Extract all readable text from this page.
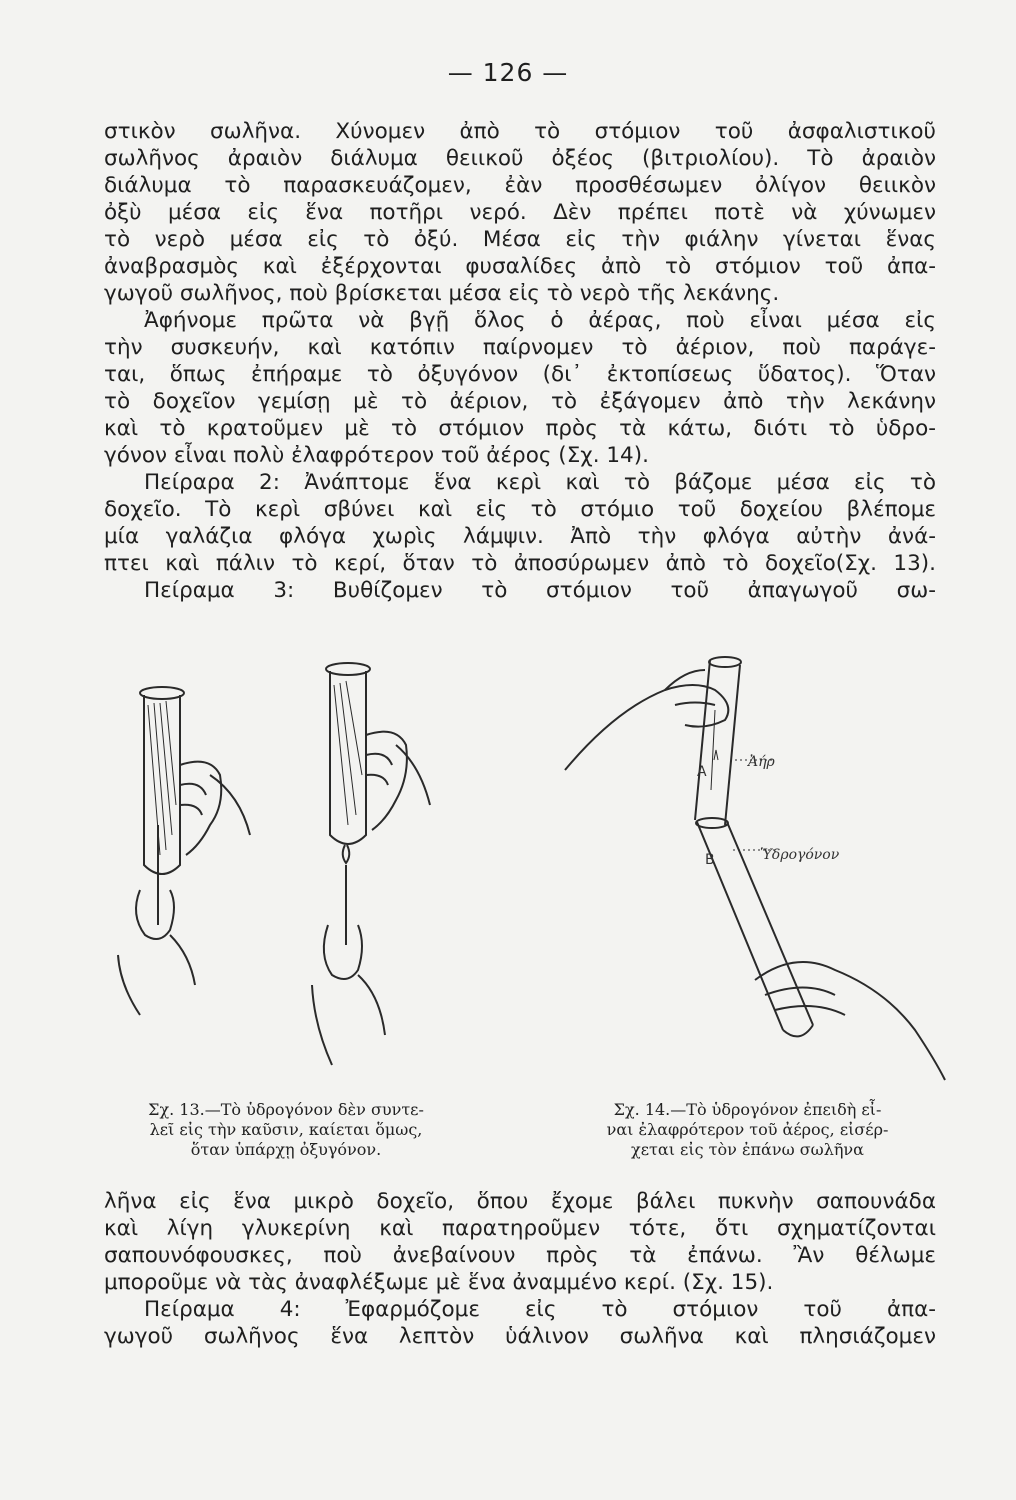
— 126 —

στικὸν σωλῆνα. Χύνομεν ἀπὸ τὸ στόμιον τοῦ ἀσφαλιστικοῦ

σωλῆνος ἀραιὸν διάλυμα θειικοῦ ὀξέος (βιτριολίου). Τὸ ἀραιὸν

διάλυμα τὸ παρασκευάζομεν, ἐὰν προσθέσωμεν ὀλίγον θειικὸν

ὀξὺ μέσα εἰς ἕνα ποτῆρι νερό. Δὲν πρέπει ποτὲ νὰ χύνωμεν

τὸ νερὸ μέσα εἰς τὸ ὀξύ. Μέσα εἰς τὴν φιάλην γίνεται ἕνας

ἀναβρασμὸς καὶ ἐξέρχονται φυσαλίδες ἀπὸ τὸ στόμιον τοῦ ἀπα-

γωγοῦ σωλῆνος, ποὺ βρίσκεται μέσα εἰς τὸ νερὸ τῆς λεκάνης.

Ἀφήνομε πρῶτα νὰ βγῇ ὅλος ὁ ἀέρας, ποὺ εἶναι μέσα εἰς

τὴν συσκευήν, καὶ κατόπιν παίρνομεν τὸ ἀέριον, ποὺ παράγε-

ται, ὅπως ἐπήραμε τὸ ὀξυγόνον (δι᾽ ἐκτοπίσεως ὕδατος). Ὅταν

τὸ δοχεῖον γεμίσῃ μὲ τὸ ἀέριον, τὸ ἐξάγομεν ἀπὸ τὴν λεκάνην

καὶ τὸ κρατοῦμεν μὲ τὸ στόμιον πρὸς τὰ κάτω, διότι τὸ ὑδρο-

γόνον εἶναι πολὺ ἐλαφρότερον τοῦ ἀέρος (Σχ. 14).

Πείραρα 2: Ἀνάπτομε ἕνα κερὶ καὶ τὸ βάζομε μέσα εἰς τὸ

δοχεῖο. Τὸ κερὶ σβύνει καὶ εἰς τὸ στόμιο τοῦ δοχείου βλέπομε

μία γαλάζια φλόγα χωρὶς λάμψιν. Ἀπὸ τὴν φλόγα αὐτὴν ἀνά-

πτει καὶ πάλιν τὸ κερί, ὅταν τὸ ἀποσύρωμεν ἀπὸ τὸ δοχεῖο(Σχ. 13).

Πείραμα 3: Βυθίζομεν τὸ στόμιον τοῦ ἀπαγωγοῦ σω-

Α
Β
Ἀήρ
Ὑδρογόνον
Σχ. 13.—Τὸ ὑδρογόνον δὲν συντε-
λεῖ εἰς τὴν καῦσιν, καίεται ὅμως,
ὅταν ὑπάρχῃ ὀξυγόνον.
Σχ. 14.—Τὸ ὑδρογόνον ἐπειδὴ εἶ-
ναι ἐλαφρότερον τοῦ ἀέρος, εἰσέρ-
χεται εἰς τὸν ἐπάνω σωλῆνα

λῆνα εἰς ἕνα μικρὸ δοχεῖο, ὅπου ἔχομε βάλει πυκνὴν σαπουνάδα

καὶ λίγη γλυκερίνη καὶ παρατηροῦμεν τότε, ὅτι σχηματίζονται

σαπουνόφουσκες, ποὺ ἀνεβαίνουν πρὸς τὰ ἐπάνω. Ἂν θέλωμε

μποροῦμε νὰ τὰς ἀναφλέξωμε μὲ ἕνα ἀναμμένο κερί. (Σχ. 15).

Πείραμα 4: Ἐφαρμόζομε εἰς τὸ στόμιον τοῦ ἀπα-

γωγοῦ σωλῆνος ἕνα λεπτὸν ὑάλινον σωλῆνα καὶ πλησιάζομεν
